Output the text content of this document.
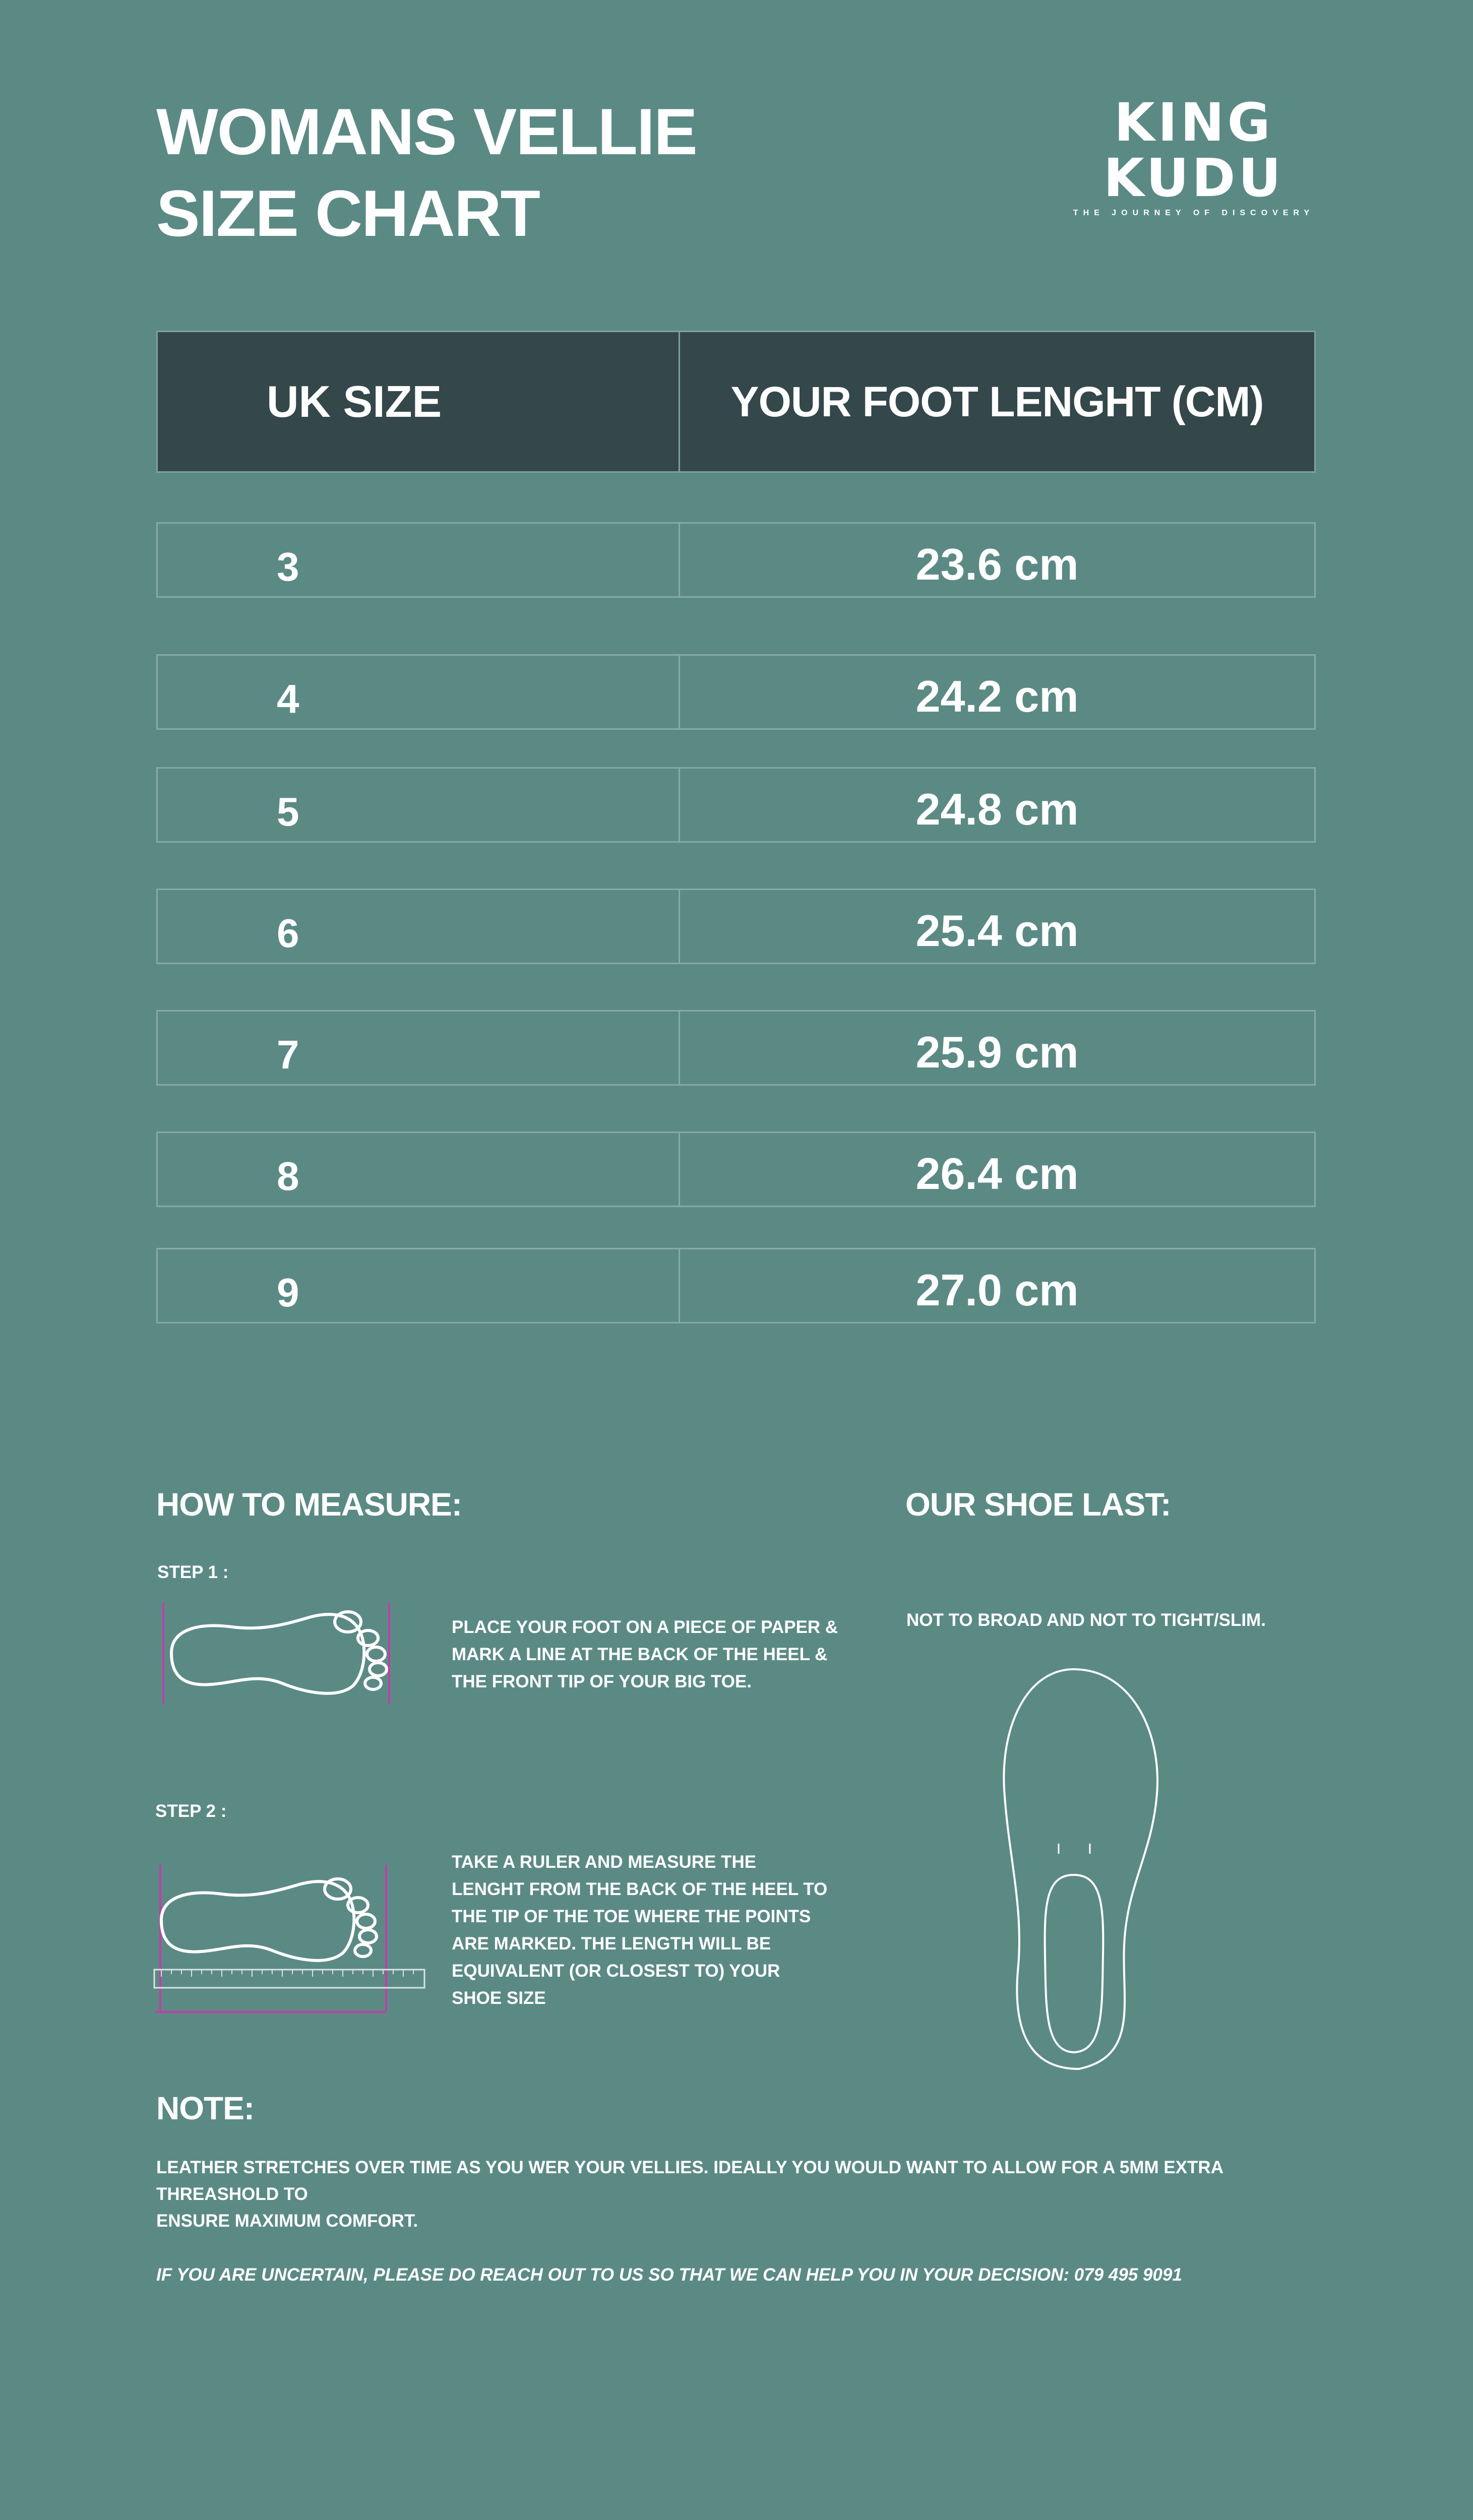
WOMANS VELLIE
SIZE CHART
KING KUDU
THE JOURNEY OF DISCOVERY
UK SIZE	YOUR FOOT LENGHT (CM)
3	23.6 cm
4	24.2 cm
5	24.8 cm
6	25.4 cm
7	25.9 cm
8	26.4 cm
9	27.0 cm
HOW TO MEASURE:
STEP 1 :
PLACE YOUR FOOT ON A PIECE OF PAPER &
MARK A LINE AT THE BACK OF THE HEEL &
THE FRONT TIP OF YOUR BIG TOE.
STEP 2 :
TAKE A RULER AND MEASURE THE
LENGHT FROM THE BACK OF THE HEEL TO
THE TIP OF THE TOE WHERE THE POINTS
ARE MARKED. THE LENGTH WILL BE
EQUIVALENT (OR CLOSEST TO) YOUR
SHOE SIZE
OUR SHOE LAST:
NOT TO BROAD AND NOT TO TIGHT/SLIM.
NOTE:
LEATHER STRETCHES OVER TIME AS YOU WER YOUR VELLIES. IDEALLY YOU WOULD WANT TO ALLOW FOR A 5MM EXTRA THREASHOLD TO
ENSURE MAXIMUM COMFORT.
IF YOU ARE UNCERTAIN, PLEASE DO REACH OUT TO US SO THAT WE CAN HELP YOU IN YOUR DECISION: 079 495 9091
